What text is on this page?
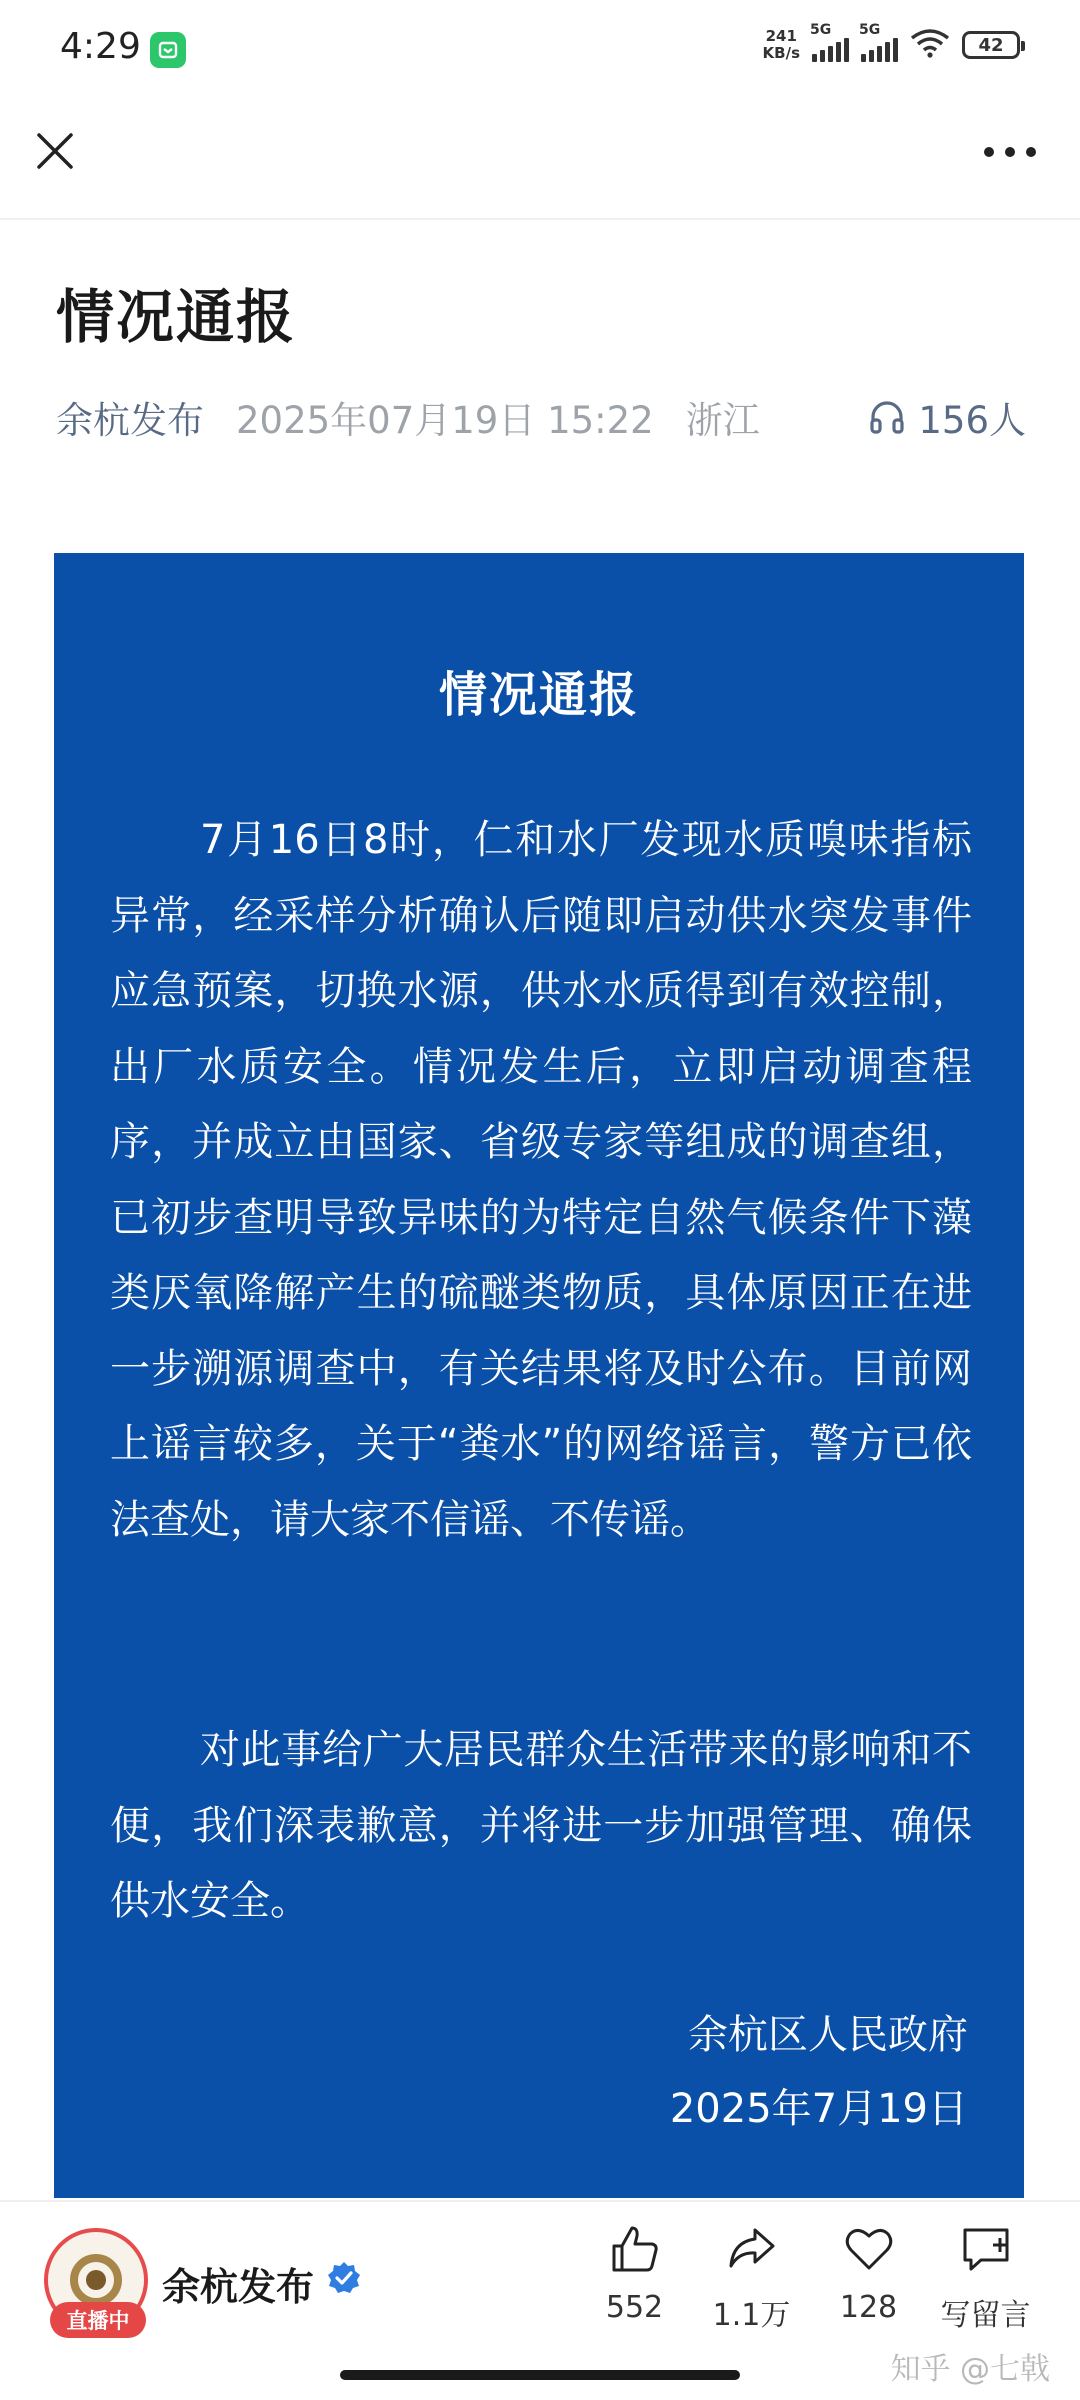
4:29	241
KB/s
5G 5G
42
情况通报
余杭发布 2025年07月19日 15:22 浙江	156人
情况通报

7月16日8时，仁和水厂发现水质嗅味指标异常，经采样分析确认后随即启动供水突发事件应急预案，切换水源，供水水质得到有效控制，出厂水质安全。情况发生后，立即启动调查程序，并成立由国家、省级专家等组成的调查组，已初步查明导致异味的为特定自然气候条件下藻类厌氧降解产生的硫醚类物质，具体原因正在进一步溯源调查中，有关结果将及时公布。目前网上谣言较多，关于“粪水”的网络谣言，警方已依法查处，请大家不信谣、不传谣。

对此事给广大居民群众生活带来的影响和不便，我们深表歉意，并将进一步加强管理、确保供水安全。

余杭区人民政府
2025年7月19日
直播中
余杭发布	552 1.1万 128 写留言
知乎 @七戟
